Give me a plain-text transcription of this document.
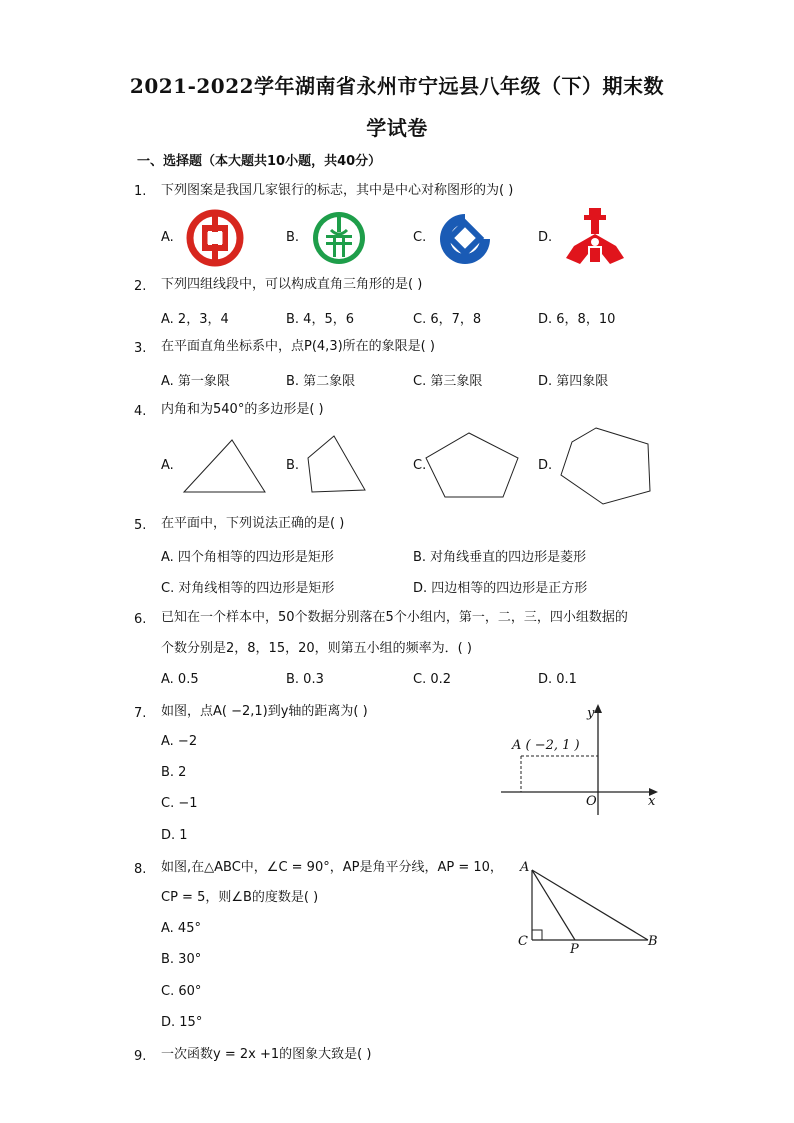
2021-2022学年湖南省永州市宁远县八年级（下）期末数
学试卷
一、选择题（本大题共10小题，共40分）
1. 下列图案是我国几家银行的标志，其中是中心对称图形的为( )
A.	B.	C.	D.
2. 下列四组线段中，可以构成直角三角形的是( )
A. 2，3，4	B. 4，5，6	C. 6，7，8	D. 6，8，10
3. 在平面直角坐标系中，点P(4,3)所在的象限是( )
A. 第一象限	B. 第二象限	C. 第三象限	D. 第四象限
4. 内角和为540°的多边形是( )
A.	B.	C.	D.
5. 在平面中，下列说法正确的是( )
A. 四个角相等的四边形是矩形	B. 对角线垂直的四边形是菱形
C. 对角线相等的四边形是矩形	D. 四边相等的四边形是正方形
6. 已知在一个样本中，50个数据分别落在5个小组内，第一，二，三，四小组数据的
个数分别是2，8，15，20，则第五小组的频率为．( )
A. 0.5	B. 0.3	C. 0.2	D. 0.1
7. 如图，点A( −2,1)到y轴的距离为( )
A. −2
B. 2
C. −1
D. 1
A ( −2, 1 )
y
x
O
8. 如图,在△ABC中，∠C = 90°，AP是角平分线，AP = 10，
CP = 5，则∠B的度数是( )
A. 45°
B. 30°
C. 60°
D. 15°
A
B
C
P
9. 一次函数y = 2x +1的图象大致是( )
